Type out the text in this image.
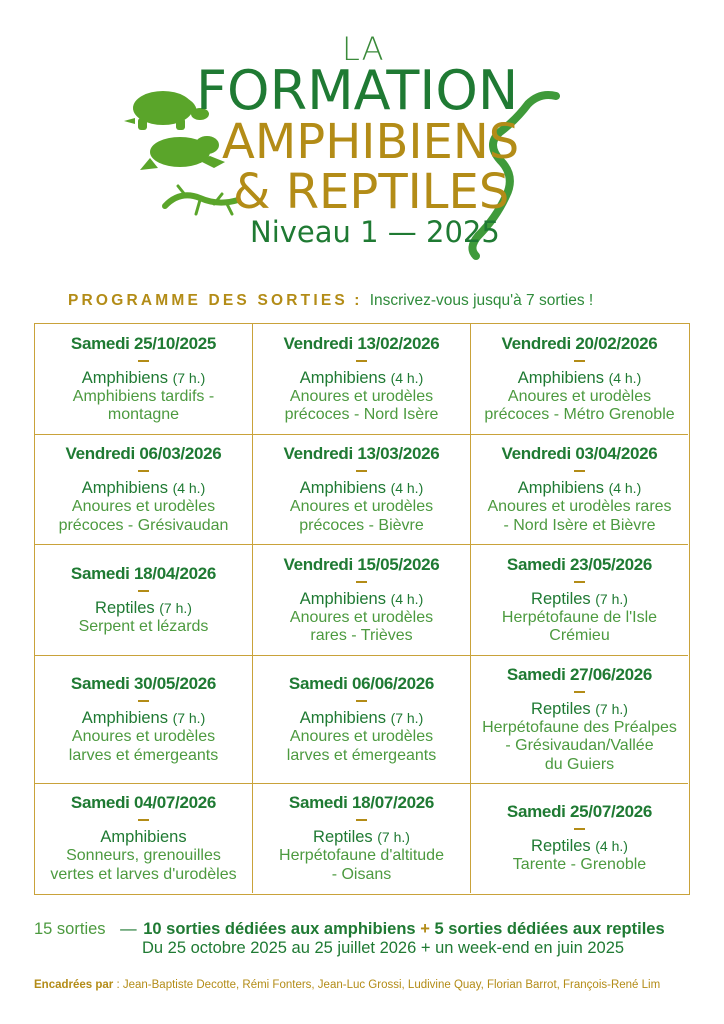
LA
FORMATION
AMPHIBIENS
& REPTILES
Niveau 1 — 2025
PROGRAMME DES SORTIES : Inscrivez-vous jusqu'à 7 sorties !
Samedi 25/10/2025
Amphibiens (7 h.)
Amphibiens tardifs -
montagne
Vendredi 13/02/2026
Amphibiens (4 h.)
Anoures et urodèles
précoces - Nord Isère
Vendredi 20/02/2026
Amphibiens (4 h.)
Anoures et urodèles
précoces - Métro Grenoble
Vendredi 06/03/2026
Amphibiens (4 h.)
Anoures et urodèles
précoces - Grésivaudan
Vendredi 13/03/2026
Amphibiens (4 h.)
Anoures et urodèles
précoces - Bièvre
Vendredi 03/04/2026
Amphibiens (4 h.)
Anoures et urodèles rares
- Nord Isère et Bièvre
Samedi 18/04/2026
Reptiles (7 h.)
Serpent et lézards
Vendredi 15/05/2026
Amphibiens (4 h.)
Anoures et urodèles
rares - Trièves
Samedi 23/05/2026
Reptiles (7 h.)
Herpétofaune de l'Isle
Crémieu
Samedi 30/05/2026
Amphibiens (7 h.)
Anoures et urodèles
larves et émergeants
Samedi 06/06/2026
Amphibiens (7 h.)
Anoures et urodèles
larves et émergeants
Samedi 27/06/2026
Reptiles (7 h.)
Herpétofaune des Préalpes
- Grésivaudan/Vallée
du Guiers
Samedi 04/07/2026
Amphibiens
Sonneurs, grenouilles
vertes et larves d'urodèles
Samedi 18/07/2026
Reptiles (7 h.)
Herpétofaune d'altitude
- Oisans
Samedi 25/07/2026
Reptiles (4 h.)
Tarente - Grenoble
15 sorties — 10 sorties dédiées aux amphibiens + 5 sorties dédiées aux reptiles
Du 25 octobre 2025 au 25 juillet 2026 + un week-end en juin 2025
Encadrées par : Jean-Baptiste Decotte, Rémi Fonters, Jean-Luc Grossi, Ludivine Quay, Florian Barrot, François-René Lim
